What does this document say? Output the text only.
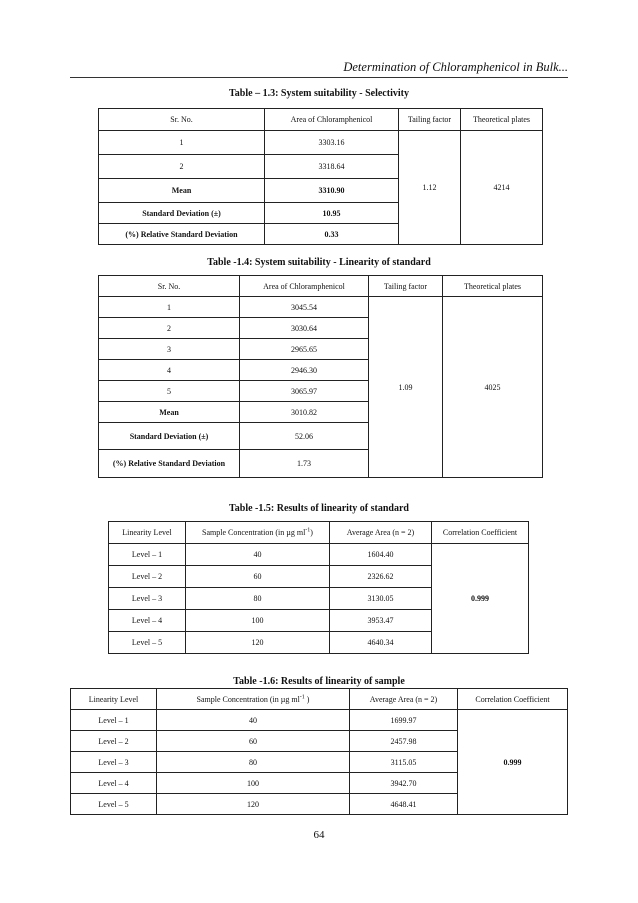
Determination of Chloramphenicol in Bulk...
Table – 1.3: System suitability - Selectivity
Sr. No.	Area of Chloramphenicol	Tailing factor	Theoretical plates
1	3303.16	1.12	4214
2	3318.64		
Mean	3310.90		
Standard Deviation (±)	10.95		
(%) Relative Standard Deviation	0.33		
Table -1.4: System suitability - Linearity of standard
Sr. No.	Area of Chloramphenicol	Tailing factor	Theoretical plates
1	3045.54	1.09	4025
2	3030.64		
3	2965.65		
4	2946.30		
5	3065.97		
Mean	3010.82		
Standard Deviation (±)	52.06		
(%) Relative Standard Deviation	1.73		
Table -1.5: Results of linearity of standard
Linearity Level	Sample Concentration (in µg $ml^{-1}$)	Average Area (n = 2)	Correlation Coefficient
Level – 1	40	1604.40	0.999
Level – 2	60	2326.62	
Level – 3	80	3130.05	
Level – 4	100	3953.47	
Level – 5	120	4640.34	
Table -1.6: Results of linearity of sample
Linearity Level	Sample Concentration (in µg $ml^{-1}$ )	Average Area (n = 2)	Correlation Coefficient
Level – 1	40	1699.97	0.999
Level – 2	60	2457.98	
Level – 3	80	3115.05	
Level – 4	100	3942.70	
Level – 5	120	4648.41	
64
